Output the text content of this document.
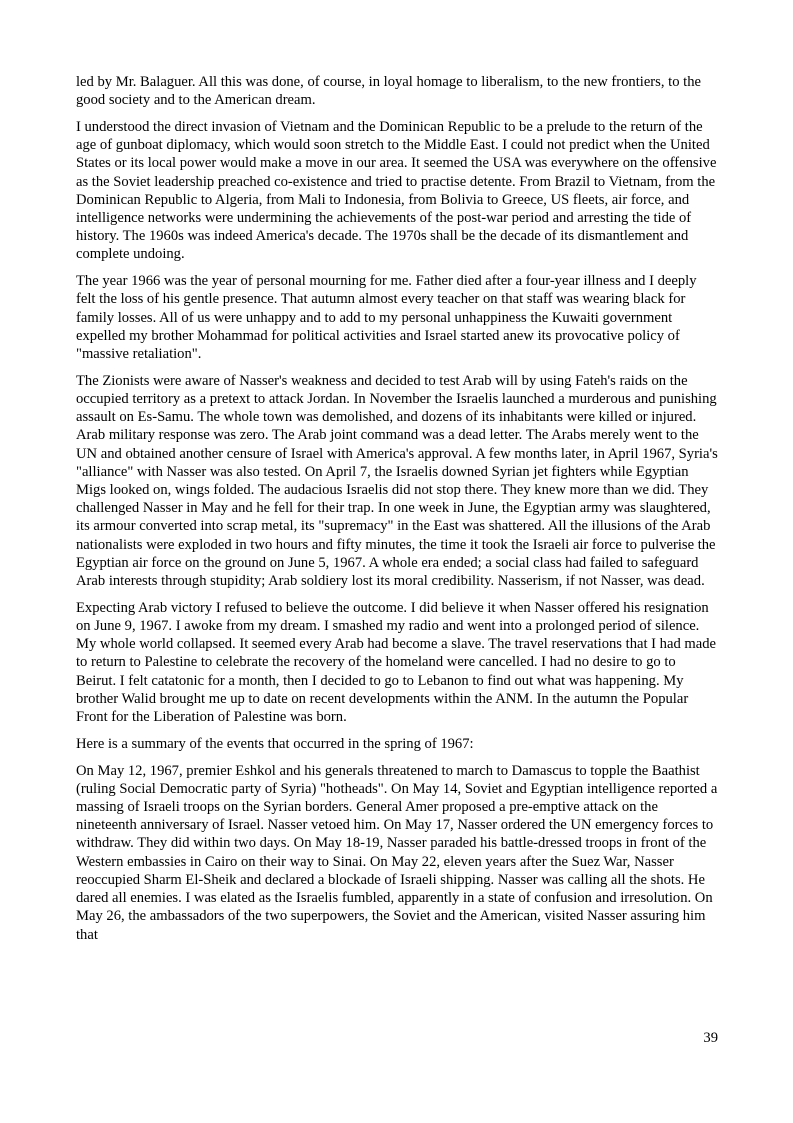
led by Mr. Balaguer. All this was done, of course, in loyal homage to liberalism, to the new frontiers, to the good society and to the American dream.

I understood the direct invasion of Vietnam and the Dominican Republic to be a prelude to the return of the age of gunboat diplomacy, which would soon stretch to the Middle East. I could not predict when the United States or its local power would make a move in our area. It seemed the USA was everywhere on the offensive as the Soviet leadership preached co-existence and tried to practise detente. From Brazil to Vietnam, from the Dominican Republic to Algeria, from Mali to Indonesia, from Bolivia to Greece, US fleets, air force, and intelligence networks were undermining the achievements of the post-war period and arresting the tide of history. The 1960s was indeed America's decade. The 1970s shall be the decade of its dismantlement and complete undoing.

The year 1966 was the year of personal mourning for me. Father died after a four-year illness and I deeply felt the loss of his gentle presence. That autumn almost every teacher on that staff was wearing black for family losses. All of us were unhappy and to add to my personal unhappiness the Kuwaiti government expelled my brother Mohammad for political activities and Israel started anew its provocative policy of "massive retaliation".

The Zionists were aware of Nasser's weakness and decided to test Arab will by using Fateh's raids on the occupied territory as a pretext to attack Jordan. In November the Israelis launched a murderous and punishing assault on Es-Samu. The whole town was demolished, and dozens of its inhabitants were killed or injured. Arab military response was zero. The Arab joint command was a dead letter. The Arabs merely went to the UN and obtained another censure of Israel with America's approval. A few months later, in April 1967, Syria's "alliance" with Nasser was also tested. On April 7, the Israelis downed Syrian jet fighters while Egyptian Migs looked on, wings folded. The audacious Israelis did not stop there. They knew more than we did. They challenged Nasser in May and he fell for their trap. In one week in June, the Egyptian army was slaughtered, its armour converted into scrap metal, its "supremacy" in the East was shattered. All the illusions of the Arab nationalists were exploded in two hours and fifty minutes, the time it took the Israeli air force to pulverise the Egyptian air force on the ground on June 5, 1967. A whole era ended; a social class had failed to safeguard Arab interests through stupidity; Arab soldiery lost its moral credibility. Nasserism, if not Nasser, was dead.

Expecting Arab victory I refused to believe the outcome. I did believe it when Nasser offered his resignation on June 9, 1967. I awoke from my dream. I smashed my radio and went into a prolonged period of silence. My whole world collapsed. It seemed every Arab had become a slave. The travel reservations that I had made to return to Palestine to celebrate the recovery of the homeland were cancelled. I had no desire to go to Beirut. I felt catatonic for a month, then I decided to go to Lebanon to find out what was happening. My brother Walid brought me up to date on recent developments within the ANM. In the autumn the Popular Front for the Liberation of Palestine was born.

Here is a summary of the events that occurred in the spring of 1967:

On May 12, 1967, premier Eshkol and his generals threatened to march to Damascus to topple the Baathist (ruling Social Democratic party of Syria) "hotheads". On May 14, Soviet and Egyptian intelligence reported a massing of Israeli troops on the Syrian borders. General Amer proposed a pre-emptive attack on the nineteenth anniversary of Israel. Nasser vetoed him. On May 17, Nasser ordered the UN emergency forces to withdraw. They did within two days. On May 18-19, Nasser paraded his battle-dressed troops in front of the Western embassies in Cairo on their way to Sinai. On May 22, eleven years after the Suez War, Nasser reoccupied Sharm El-Sheik and declared a blockade of Israeli shipping. Nasser was calling all the shots. He dared all enemies. I was elated as the Israelis fumbled, apparently in a state of confusion and irresolution. On May 26, the ambassadors of the two superpowers, the Soviet and the American, visited Nasser assuring him that

39
